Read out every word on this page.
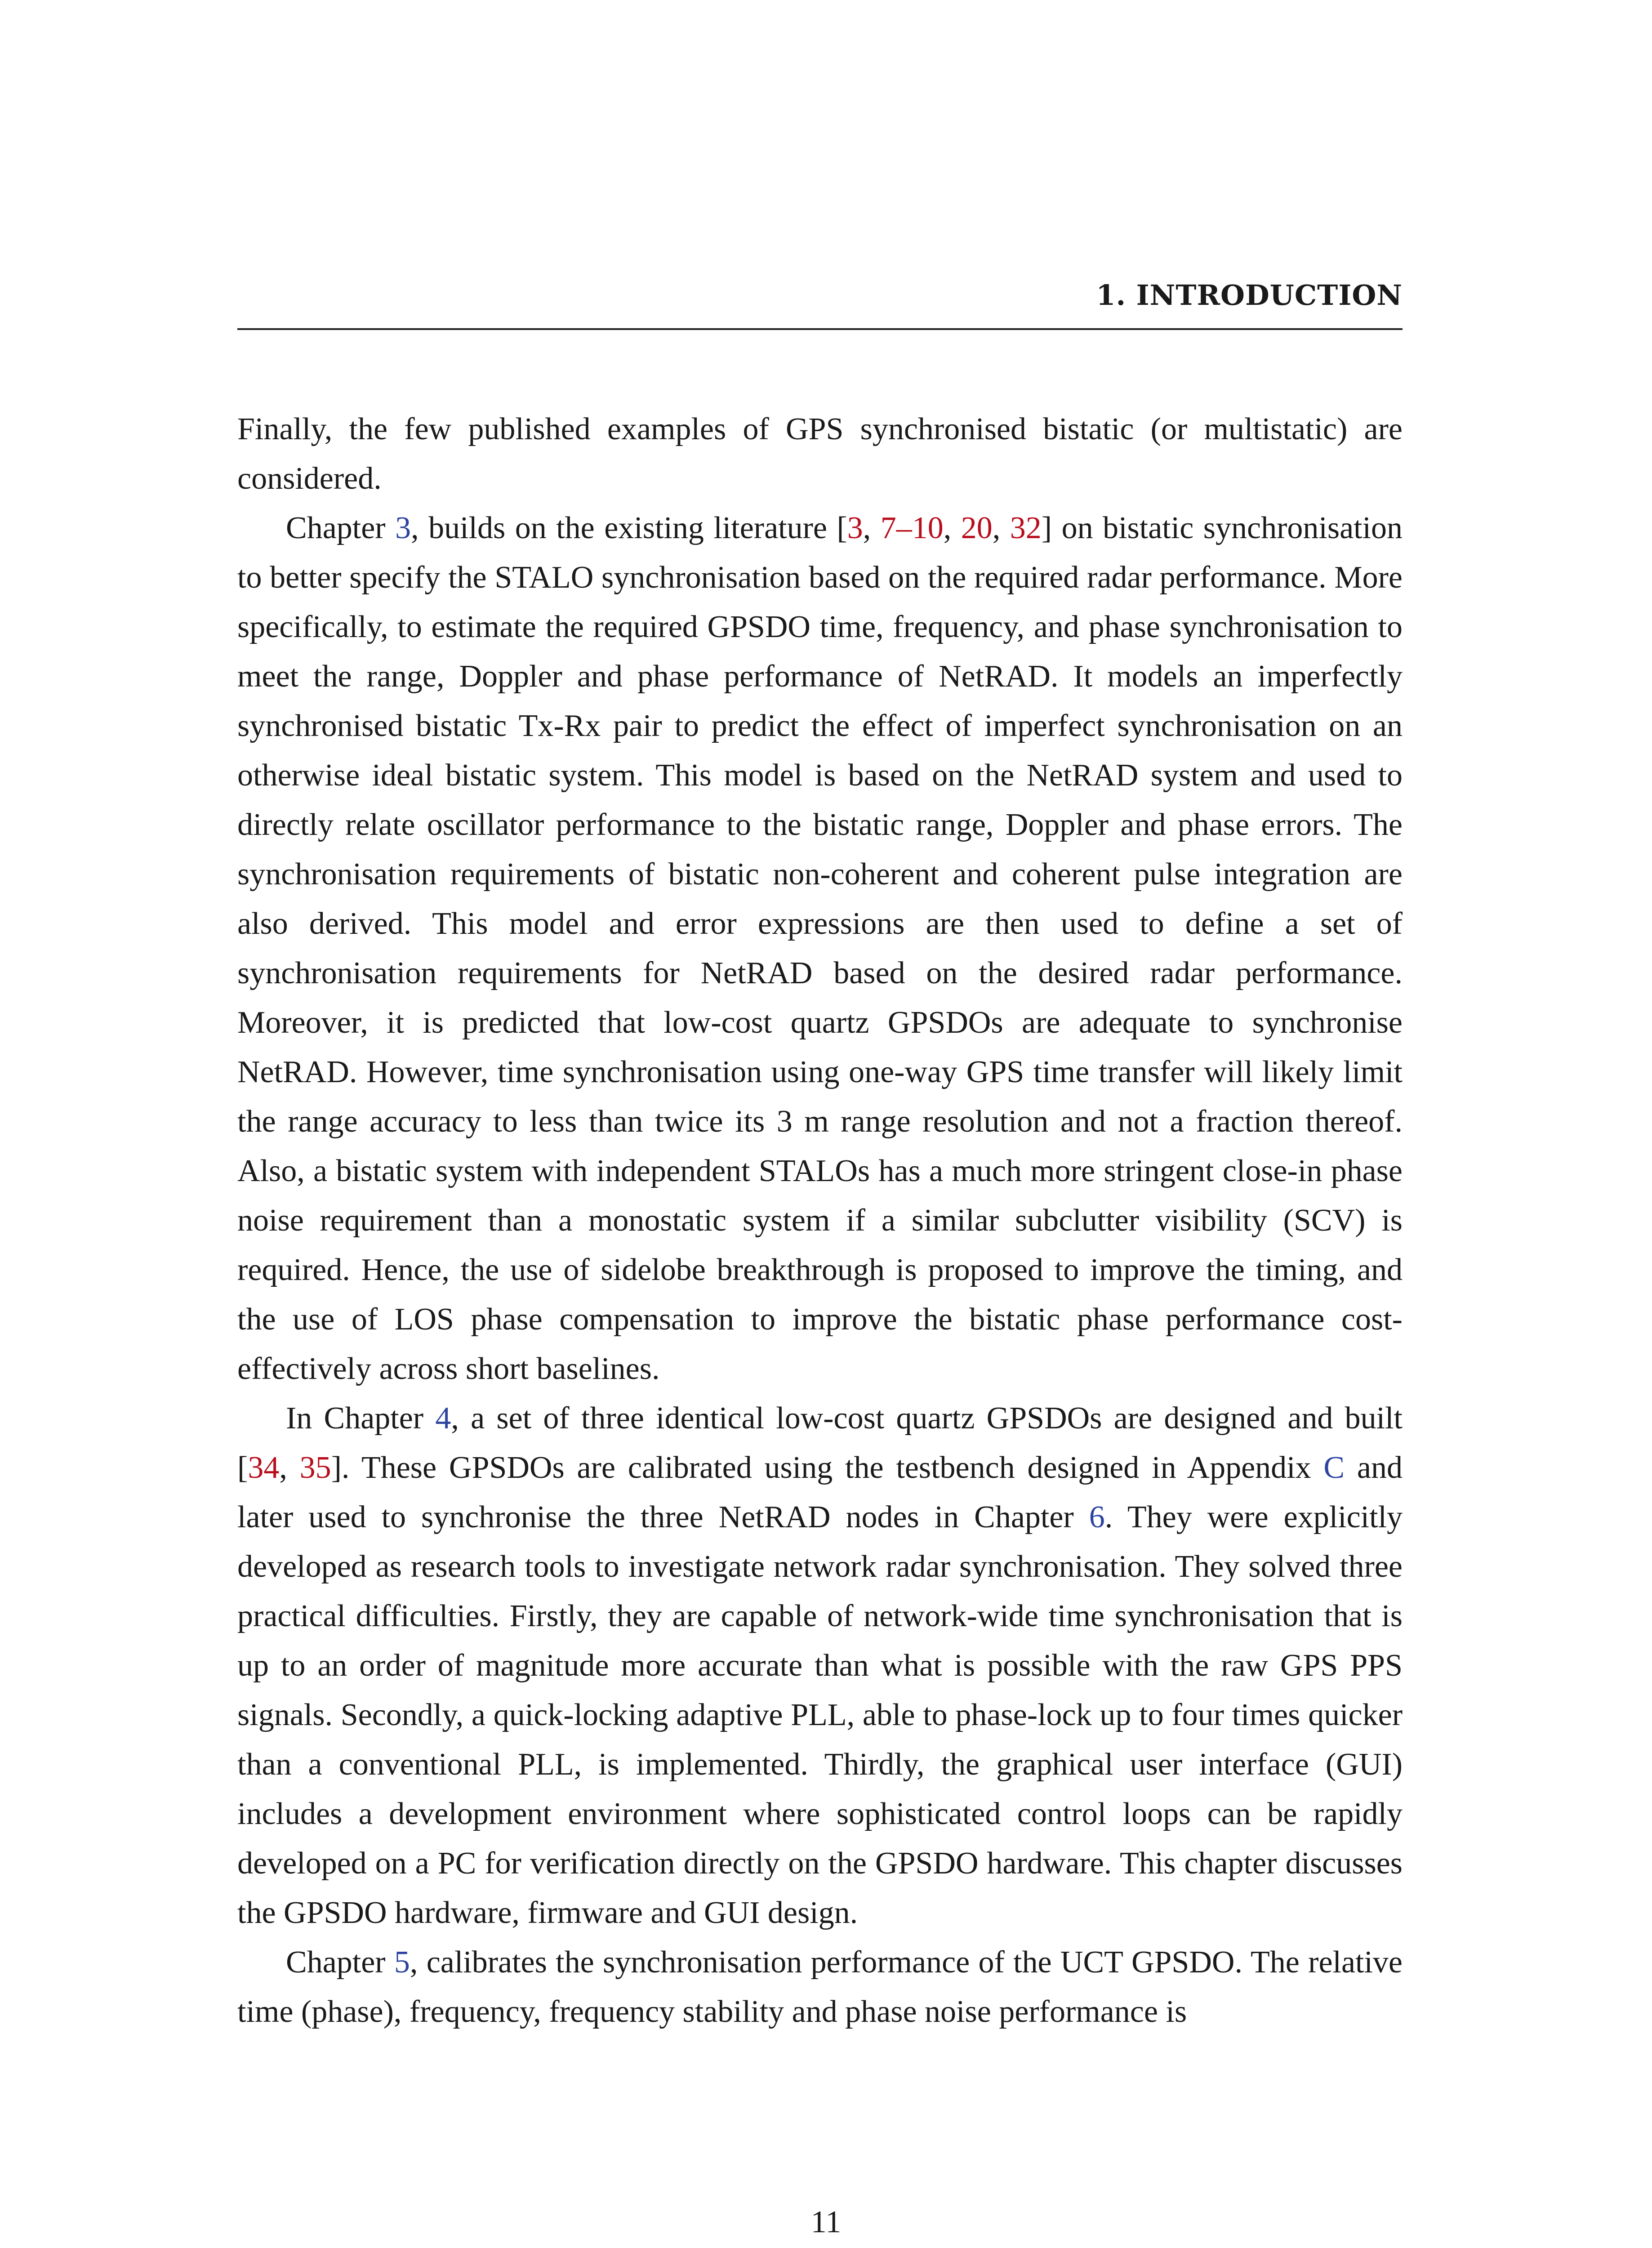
1. INTRODUCTION

Finally, the few published examples of GPS synchronised bistatic (or multistatic) are considered.

Chapter 3, builds on the existing literature [3, 7–10, 20, 32] on bistatic synchronisation to better specify the STALO synchronisation based on the required radar performance. More specifically, to estimate the required GPSDO time, frequency, and phase synchronisation to meet the range, Doppler and phase performance of NetRAD. It models an imperfectly synchronised bistatic Tx-Rx pair to predict the effect of imperfect synchronisation on an otherwise ideal bistatic system. This model is based on the NetRAD system and used to directly relate oscillator performance to the bistatic range, Doppler and phase errors. The synchronisation requirements of bistatic non-coherent and coherent pulse integration are also derived. This model and error expressions are then used to define a set of synchronisation requirements for NetRAD based on the desired radar performance. Moreover, it is predicted that low-cost quartz GPSDOs are adequate to synchronise NetRAD. However, time synchronisation using one-way GPS time transfer will likely limit the range accuracy to less than twice its 3 m range resolution and not a fraction thereof. Also, a bistatic system with independent STALOs has a much more stringent close-in phase noise requirement than a monostatic system if a similar subclutter visibility (SCV) is required. Hence, the use of sidelobe breakthrough is proposed to improve the timing, and the use of LOS phase compensation to improve the bistatic phase performance cost-effectively across short baselines.

In Chapter 4, a set of three identical low-cost quartz GPSDOs are designed and built [34, 35]. These GPSDOs are calibrated using the testbench designed in Appendix C and later used to synchronise the three NetRAD nodes in Chapter 6. They were explicitly developed as research tools to investigate network radar synchronisation. They solved three practical difficulties. Firstly, they are capable of network-wide time synchronisation that is up to an order of magnitude more accurate than what is possible with the raw GPS PPS signals. Secondly, a quick-locking adaptive PLL, able to phase-lock up to four times quicker than a conventional PLL, is implemented. Thirdly, the graphical user interface (GUI) includes a development environment where sophisticated control loops can be rapidly developed on a PC for verification directly on the GPSDO hardware. This chapter discusses the GPSDO hardware, firmware and GUI design.

Chapter 5, calibrates the synchronisation performance of the UCT GPSDO. The relative time (phase), frequency, frequency stability and phase noise performance is

11
